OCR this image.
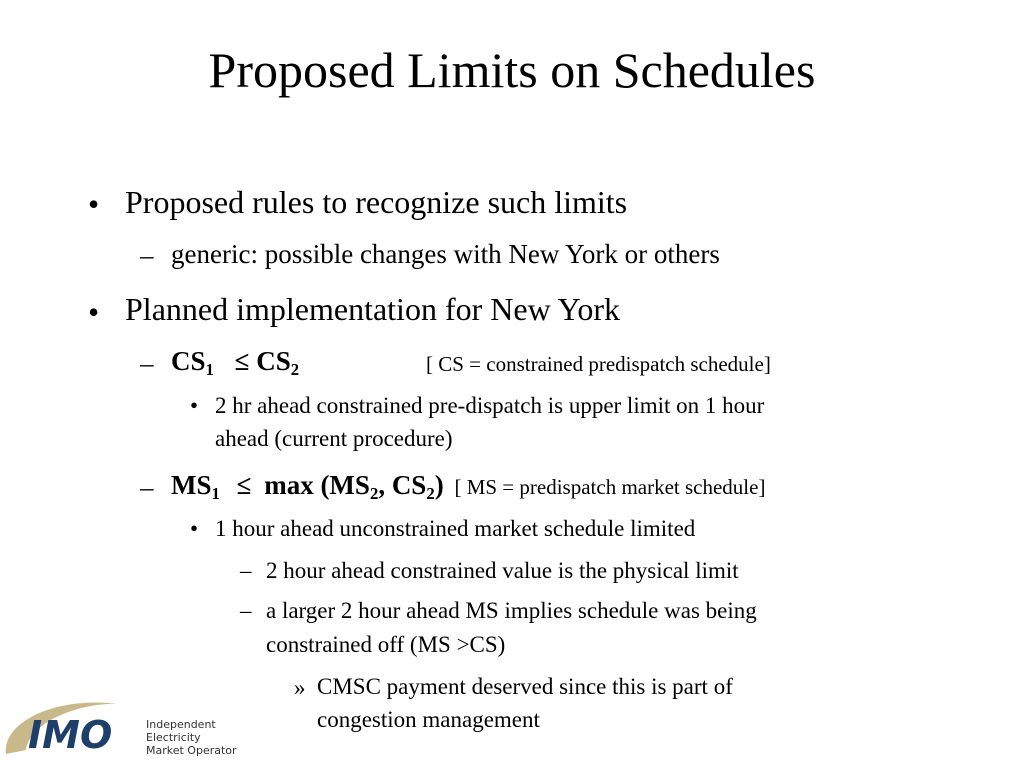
Proposed Limits on Schedules
• Proposed rules to recognize such limits
– generic: possible changes with New York or others
• Planned implementation for New York
– CS1 ≤ CS2	[ CS = constrained predispatch schedule]
• 2 hr ahead constrained pre-dispatch is upper limit on 1 hour
ahead (current procedure)
– MS1 ≤ max (MS2, CS2) [ MS = predispatch market schedule]
• 1 hour ahead unconstrained market schedule limited
– 2 hour ahead constrained value is the physical limit
– a larger 2 hour ahead MS implies schedule was being
constrained off (MS >CS)
» CMSC payment deserved since this is part of
congestion management
IMO	Independent
Electricity
Market Operator
